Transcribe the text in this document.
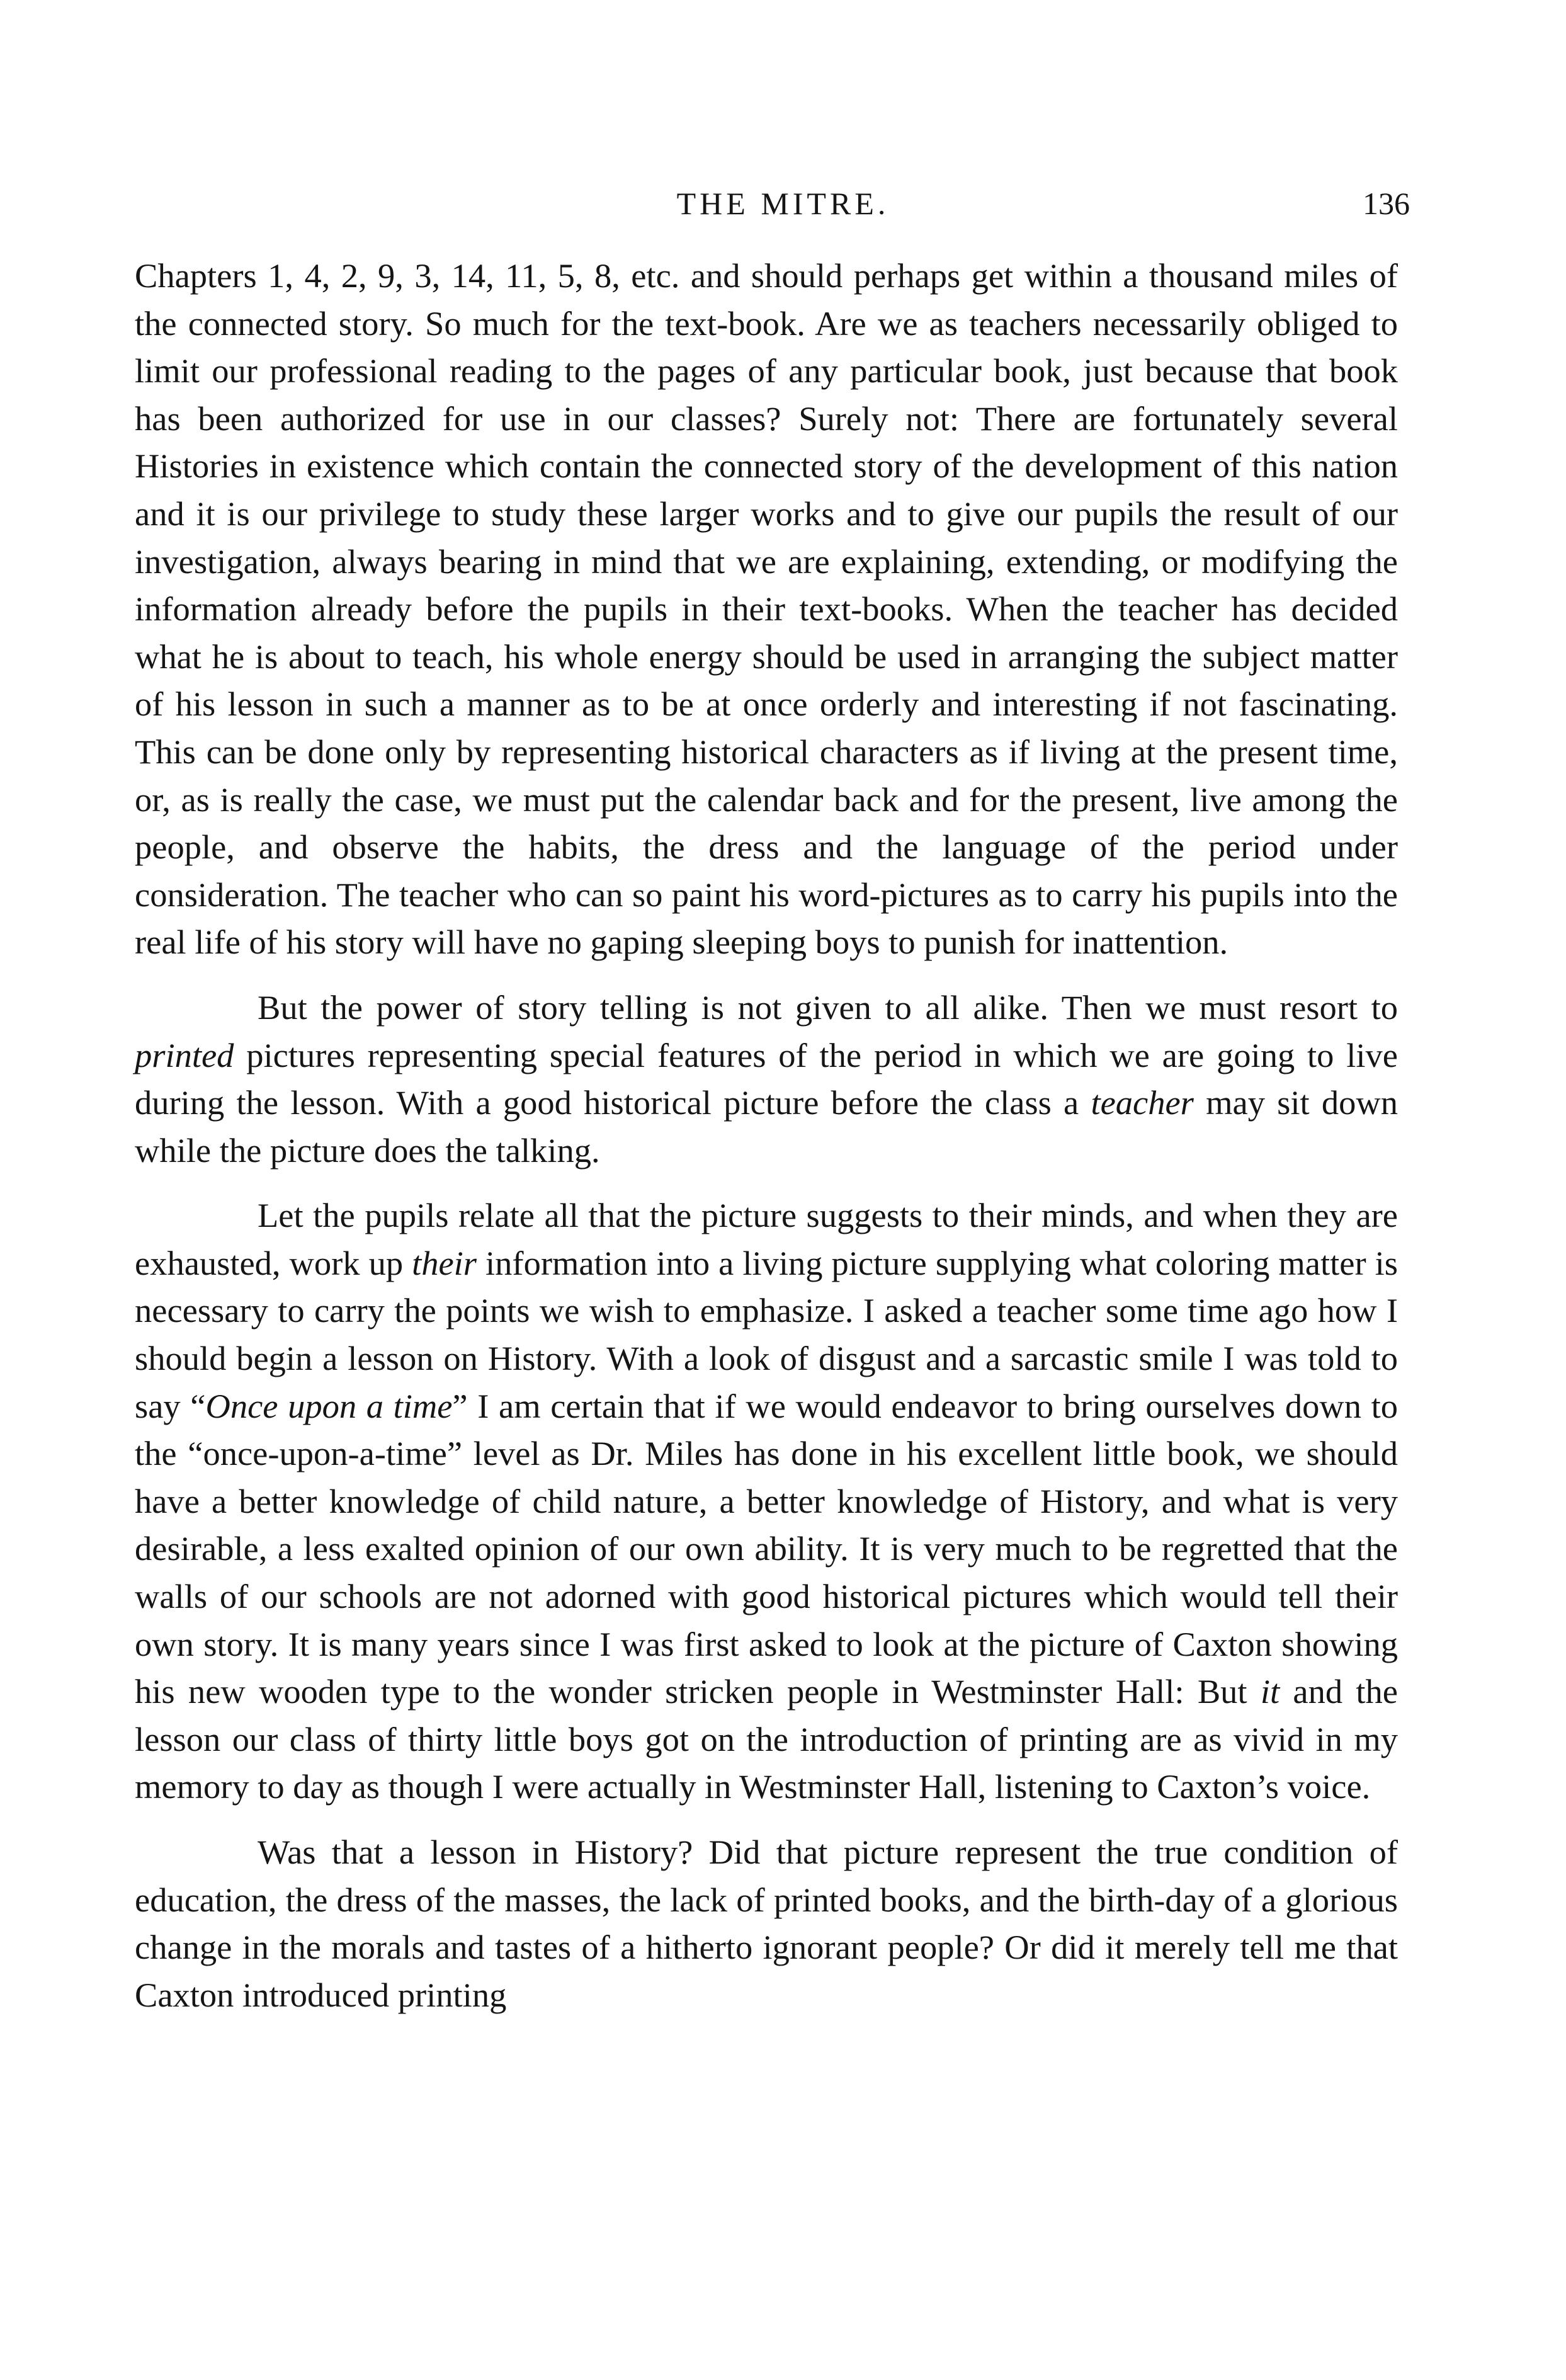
THE MITRE.	136

Chapters 1, 4, 2, 9, 3, 14, 11, 5, 8, etc. and should perhaps get within a thousand miles of the connected story. So much for the text-book. Are we as teachers necessarily obliged to limit our professional reading to the pages of any particular book, just because that book has been authorized for use in our classes? Surely not: There are fortunately several Histories in existence which contain the connected story of the development of this nation and it is our privilege to study these larger works and to give our pupils the result of our investigation, always bearing in mind that we are explaining, extending, or modifying the information already before the pupils in their text-books. When the teacher has decided what he is about to teach, his whole energy should be used in arranging the subject matter of his lesson in such a manner as to be at once orderly and interesting if not fascinating. This can be done only by representing historical characters as if living at the present time, or, as is really the case, we must put the calendar back and for the present, live among the people, and observe the habits, the dress and the language of the period under consideration. The teacher who can so paint his word-pictures as to carry his pupils into the real life of his story will have no gaping sleeping boys to punish for inattention.

But the power of story telling is not given to all alike. Then we must resort to printed pictures representing special features of the period in which we are going to live during the lesson. With a good historical picture before the class a teacher may sit down while the picture does the talking.

Let the pupils relate all that the picture suggests to their minds, and when they are exhausted, work up their information into a living picture supplying what coloring matter is necessary to carry the points we wish to emphasize. I asked a teacher some time ago how I should begin a lesson on History. With a look of disgust and a sarcastic smile I was told to say “Once upon a time” I am certain that if we would endeavor to bring ourselves down to the “once-upon-a-time” level as Dr. Miles has done in his excellent little book, we should have a better knowledge of child nature, a better knowledge of History, and what is very desirable, a less exalted opinion of our own ability. It is very much to be regretted that the walls of our schools are not adorned with good historical pictures which would tell their own story. It is many years since I was first asked to look at the picture of Caxton showing his new wooden type to the wonder stricken people in Westminster Hall: But it and the lesson our class of thirty little boys got on the introduction of printing are as vivid in my memory to day as though I were actually in Westminster Hall, listening to Caxton’s voice.

Was that a lesson in History? Did that picture represent the true condition of education, the dress of the masses, the lack of printed books, and the birth-day of a glorious change in the morals and tastes of a hitherto ignorant people? Or did it merely tell me that Caxton introduced printing
